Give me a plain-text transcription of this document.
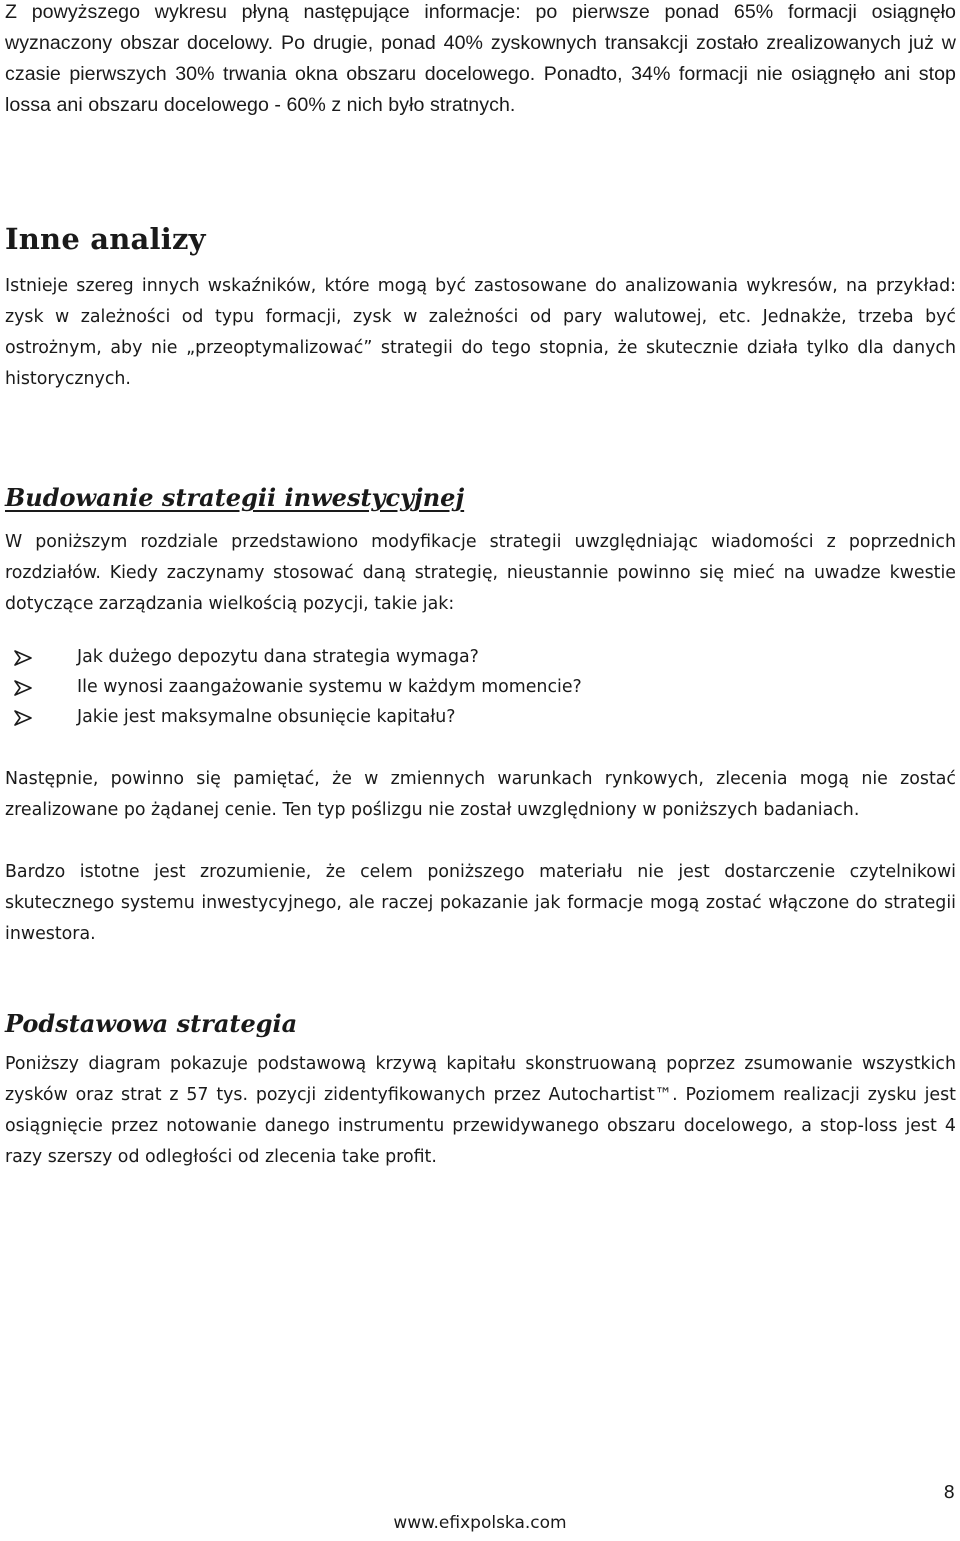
Z powyższego wykresu płyną następujące informacje: po pierwsze ponad 65% formacji osiągnęło wyznaczony obszar docelowy. Po drugie, ponad 40% zyskownych transakcji zostało zrealizowanych już w czasie pierwszych 30% trwania okna obszaru docelowego. Ponadto, 34% formacji nie osiągnęło ani stop lossa ani obszaru docelowego - 60% z nich było stratnych.

Inne analizy

Istnieje szereg innych wskaźników, które mogą być zastosowane do analizowania wykresów, na przykład: zysk w zależności od typu formacji, zysk w zależności od pary walutowej, etc. Jednakże, trzeba być ostrożnym, aby nie „przeoptymalizować” strategii do tego stopnia, że skutecznie działa tylko dla danych historycznych.

Budowanie strategii inwestycyjnej

W poniższym rozdziale przedstawiono modyfikacje strategii uwzględniając wiadomości z poprzednich rozdziałów. Kiedy zaczynamy stosować daną strategię, nieustannie powinno się mieć na uwadze kwestie dotyczące zarządzania wielkością pozycji, takie jak:

Jak dużego depozytu dana strategia wymaga?
Ile wynosi zaangażowanie systemu w każdym momencie?
Jakie jest maksymalne obsunięcie kapitału?

Następnie, powinno się pamiętać, że w zmiennych warunkach rynkowych, zlecenia mogą nie zostać zrealizowane po żądanej cenie. Ten typ poślizgu nie został uwzględniony w poniższych badaniach.

Bardzo istotne jest zrozumienie, że celem poniższego materiału nie jest dostarczenie czytelnikowi skutecznego systemu inwestycyjnego, ale raczej pokazanie jak formacje mogą zostać włączone do strategii inwestora.

Podstawowa strategia

Poniższy diagram pokazuje podstawową krzywą kapitału skonstruowaną poprzez zsumowanie wszystkich zysków oraz strat z 57 tys. pozycji zidentyfikowanych przez Autochartist™. Poziomem realizacji zysku jest osiągnięcie przez notowanie danego instrumentu przewidywanego obszaru docelowego, a stop-loss jest 4 razy szerszy od odległości od zlecenia take profit.

8
www.efixpolska.com
